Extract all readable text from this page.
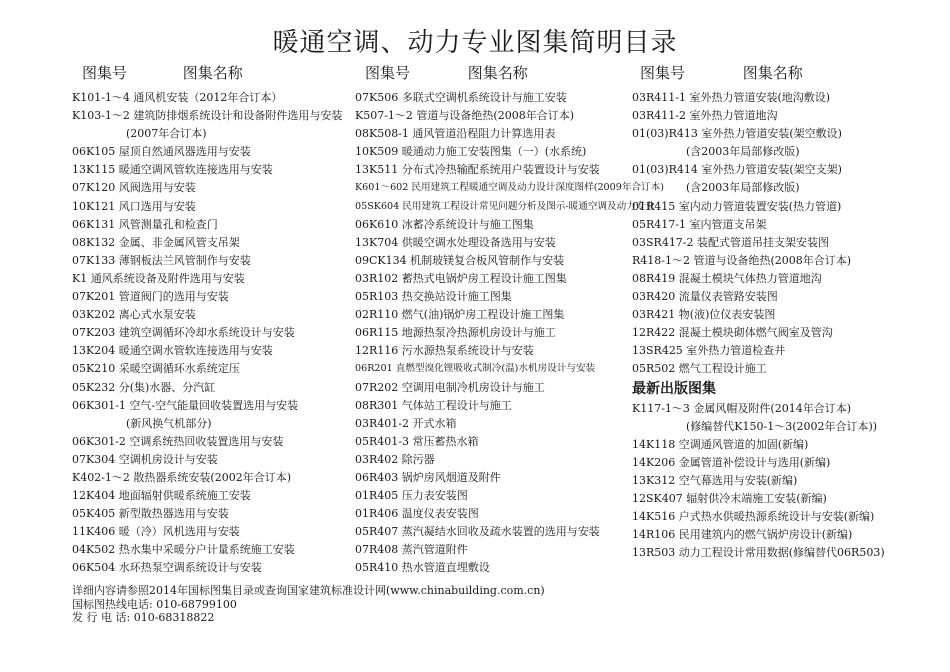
暖通空调、动力专业图集简明目录
图集号	图集名称	图集号	图集名称	图集号	图集名称
K101-1～4 通风机安装（2012年合订本）
K103-1～2 建筑防排烟系统设计和设备附件选用与安装
(2007年合订本)
06K105 屋顶自然通风器选用与安装
13K115 暖通空调风管软连接选用与安装
07K120 风阀选用与安装
10K121 风口选用与安装
06K131 风管测量孔和检查门
08K132 金属、非金属风管支吊架
07K133 薄钢板法兰风管制作与安装
K1 通风系统设备及附件选用与安装
07K201 管道阀门的选用与安装
03K202 离心式水泵安装
07K203 建筑空调循环冷却水系统设计与安装
13K204 暖通空调水管软连接选用与安装
05K210 采暖空调循环水系统定压
05K232 分(集)水器、分汽缸
06K301-1 空气-空气能量回收装置选用与安装
(新风换气机部分)
06K301-2 空调系统热回收装置选用与安装
07K304 空调机房设计与安装
K402-1～2 散热器系统安装(2002年合订本)
12K404 地面辐射供暖系统施工安装
05K405 新型散热器选用与安装
11K406 暖（冷）风机选用与安装
04K502 热水集中采暖分户计量系统施工安装
06K504 水环热泵空调系统设计与安装
07K506 多联式空调机系统设计与施工安装
K507-1～2 管道与设备绝热(2008年合订本)
08K508-1 通风管道沿程阻力计算选用表
10K509 暖通动力施工安装图集（一）(水系统)
13K511 分布式冷热输配系统用户装置设计与安装
K601～602 民用建筑工程暖通空调及动力设计深度图样(2009年合订本)
05SK604 民用建筑工程设计常见问题分析及图示-暖通空调及动力专业
06K610 冰蓄冷系统设计与施工图集
13K704 供暖空调水处理设备选用与安装
09CK134 机制玻镁复合板风管制作与安装
03R102 蓄热式电锅炉房工程设计施工图集
05R103 热交换站设计施工图集
02R110 燃气(油)锅炉房工程设计施工图集
06R115 地源热泵冷热源机房设计与施工
12R116 污水源热泵系统设计与安装
06R201 直燃型溴化锂吸收式制冷(温)水机房设计与安装
07R202 空调用电制冷机房设计与施工
08R301 气体站工程设计与施工
03R401-2 开式水箱
05R401-3 常压蓄热水箱
03R402 除污器
06R403 锅炉房风烟道及附件
01R405 压力表安装图
01R406 温度仪表安装图
05R407 蒸汽凝结水回收及疏水装置的选用与安装
07R408 蒸汽管道附件
05R410 热水管道直埋敷设
03R411-1 室外热力管道安装(地沟敷设)
03R411-2 室外热力管道地沟
01(03)R413 室外热力管道安装(架空敷设)
(含2003年局部修改版)
01(03)R414 室外热力管道安装(架空支架)
(含2003年局部修改版)
01R415 室内动力管道装置安装(热力管道)
05R417-1 室内管道支吊架
03SR417-2 装配式管道吊挂支架安装图
R418-1～2 管道与设备绝热(2008年合订本)
08R419 混凝土模块气体热力管道地沟
03R420 流量仪表管路安装图
03R421 物(液)位仪表安装图
12R422 混凝土模块砌体燃气阀室及管沟
13SR425 室外热力管道检查井
05R502 燃气工程设计施工
最新出版图集
K117-1～3 金属风帽及附件(2014年合订本)
(修编替代K150-1～3(2002年合订本))
14K118 空调通风管道的加固(新编)
14K206 金属管道补偿设计与选用(新编)
13K312 空气幕选用与安装(新编)
12SK407 辐射供冷末端施工安装(新编)
14K516 户式热水供暖热源系统设计与安装(新编)
14R106 民用建筑内的燃气锅炉房设计(新编)
13R503 动力工程设计常用数据(修编替代06R503)
详细内容请参照2014年国标图集目录或查询国家建筑标准设计网(www.chinabuilding.com.cn)
国标图热线电话: 010-68799100
发 行 电 话: 010-68318822
